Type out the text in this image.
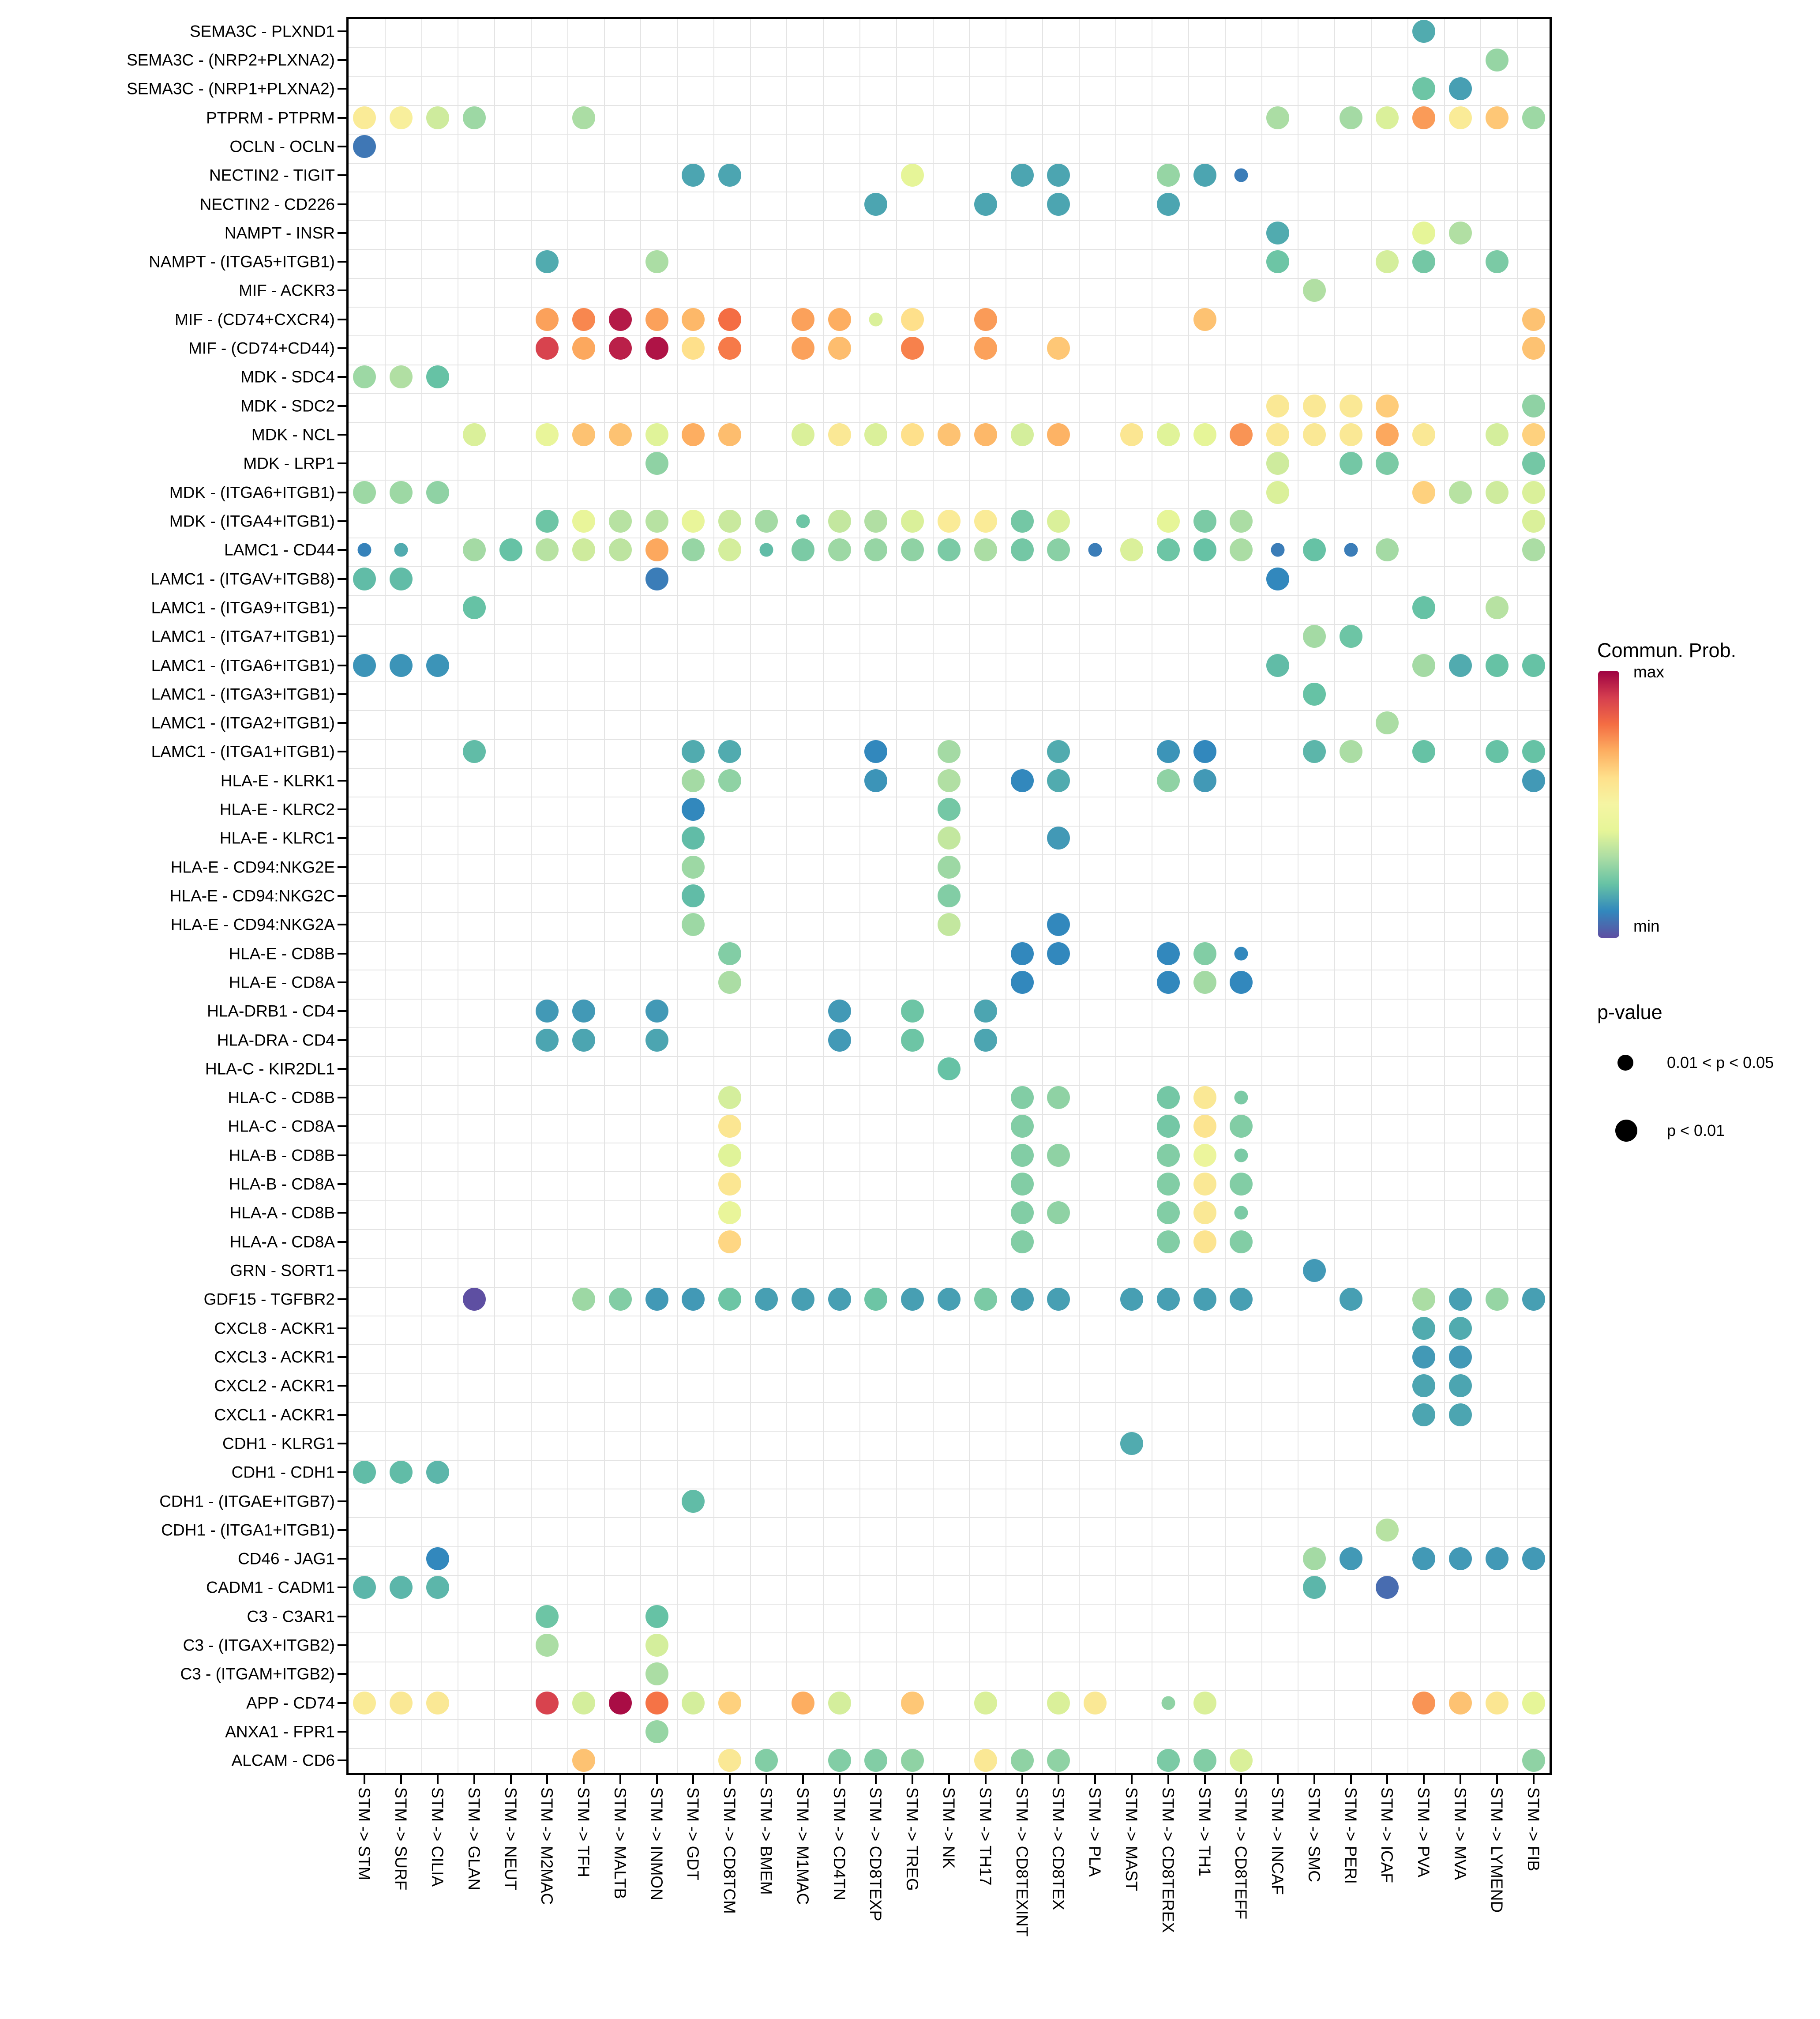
SEMA3C - PLXND1
SEMA3C - (NRP2+PLXNA2)
SEMA3C - (NRP1+PLXNA2)
PTPRM - PTPRM
OCLN - OCLN
NECTIN2 - TIGIT
NECTIN2 - CD226
NAMPT - INSR
NAMPT - (ITGA5+ITGB1)
MIF - ACKR3
MIF - (CD74+CXCR4)
MIF - (CD74+CD44)
MDK - SDC4
MDK - SDC2
MDK - NCL
MDK - LRP1
MDK - (ITGA6+ITGB1)
MDK - (ITGA4+ITGB1)
LAMC1 - CD44
LAMC1 - (ITGAV+ITGB8)
LAMC1 - (ITGA9+ITGB1)
LAMC1 - (ITGA7+ITGB1)
LAMC1 - (ITGA6+ITGB1)
LAMC1 - (ITGA3+ITGB1)
LAMC1 - (ITGA2+ITGB1)
LAMC1 - (ITGA1+ITGB1)
HLA-E - KLRK1
HLA-E - KLRC2
HLA-E - KLRC1
HLA-E - CD94:NKG2E
HLA-E - CD94:NKG2C
HLA-E - CD94:NKG2A
HLA-E - CD8B
HLA-E - CD8A
HLA-DRB1 - CD4
HLA-DRA - CD4
HLA-C - KIR2DL1
HLA-C - CD8B
HLA-C - CD8A
HLA-B - CD8B
HLA-B - CD8A
HLA-A - CD8B
HLA-A - CD8A
GRN - SORT1
GDF15 - TGFBR2
CXCL8 - ACKR1
CXCL3 - ACKR1
CXCL2 - ACKR1
CXCL1 - ACKR1
CDH1 - KLRG1
CDH1 - CDH1
CDH1 - (ITGAE+ITGB7)
CDH1 - (ITGA1+ITGB1)
CD46 - JAG1
CADM1 - CADM1
C3 - C3AR1
C3 - (ITGAX+ITGB2)
C3 - (ITGAM+ITGB2)
APP - CD74
ANXA1 - FPR1
ALCAM - CD6
STM -> STM STM -> SURF STM -> CILIA STM -> GLAN STM -> NEUT STM -> M2MAC STM -> TFH STM -> MALTB STM -> INMON STM -> GDT STM -> CD8TCM STM -> BMEM STM -> M1MAC STM -> CD4TN STM -> CD8TEXP STM -> TREG STM -> NK STM -> TH17 STM -> CD8TEXINT STM -> CD8TEX STM -> PLA STM -> MAST STM -> CD8TEREX STM -> TH1 STM -> CD8TEFF STM -> INCAF STM -> SMC STM -> PERI STM -> ICAF STM -> PVA STM -> MVA STM -> LYMEND STM -> FIB
Commun. Prob.
max
min
p-value
0.01 < p < 0.05
p < 0.01
